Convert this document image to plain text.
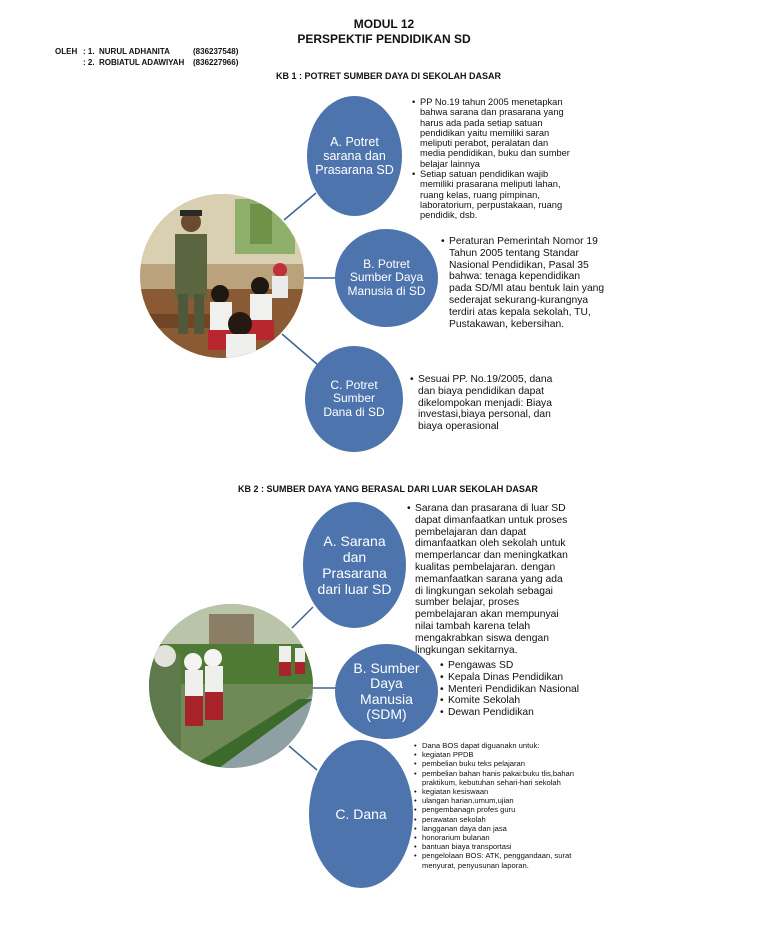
MODUL 12
PERSPEKTIF PENDIDIKAN SD
OLEH : 1. NURUL ADHANITA	(836237548)
: 2. ROBIATUL ADAWIYAH (836227966)
KB 1 : POTRET SUMBER DAYA DI SEKOLAH DASAR
A. Potret sarana dan Prasarana SD
• PP No.19 tahun 2005 menetapkan bahwa sarana dan prasarana yang harus ada pada setiap satuan pendidikan yaitu memiliki saran meliputi perabot, peralatan dan media pendidikan, buku dan sumber belajar lainnya
• Setiap satuan pendidikan wajib memiliki prasarana meliputi lahan, ruang kelas, ruang pimpinan, laboratorium, perpustakaan, ruang pendidik, dsb.
B. Potret Sumber Daya Manusia di SD
• Peraturan Pemerintah Nomor 19 Tahun 2005 tentang Standar Nasional Pendidikan, Pasal 35 bahwa: tenaga kependidikan pada SD/MI atau bentuk lain yang sederajat sekurang-kurangnya terdiri atas kepala sekolah, TU, Pustakawan, kebersihan.
C. Potret Sumber Dana di SD
• Sesuai PP. No.19/2005, dana dan biaya pendidikan dapat dikelompokan menjadi: Biaya investasi,biaya personal, dan biaya operasional
KB 2 : SUMBER DAYA YANG BERASAL DARI LUAR SEKOLAH DASAR
A. Sarana dan Prasarana dari luar SD
• Sarana dan prasarana di luar SD dapat dimanfaatkan untuk proses pembelajaran dan dapat dimanfaatkan oleh sekolah untuk memperlancar dan meningkatkan kualitas pembelajaran. dengan memanfaatkan sarana yang ada di lingkungan sekolah sebagai sumber belajar, proses pembelajaran akan mempunyai nilai tambah karena telah mengakrabkan siswa dengan lingkungan sekitarnya.
B. Sumber Daya Manusia (SDM)
• Pengawas SD
• Kepala Dinas Pendidikan
• Menteri Pendidikan Nasional
• Komite Sekolah
• Dewan Pendidikan
C. Dana
• Dana BOS dapat diguanakn untuk:
• kegiatan PPDB
• pembelian buku teks pelajaran
• pembelian bahan hanis pakai:buku tlis,bahan praktikum, kebutuhan sehari-hari sekolah
• kegiatan kesiswaan
• ulangan harian,umum,ujian
• pengembanagn profes guru
• perawatan sekolah
• langganan daya dan jasa
• honorarium bulanan
• bantuan biaya transportasi
• pengelolaan BOS: ATK, penggandaan, surat menyurat, penyusunan laporan.
